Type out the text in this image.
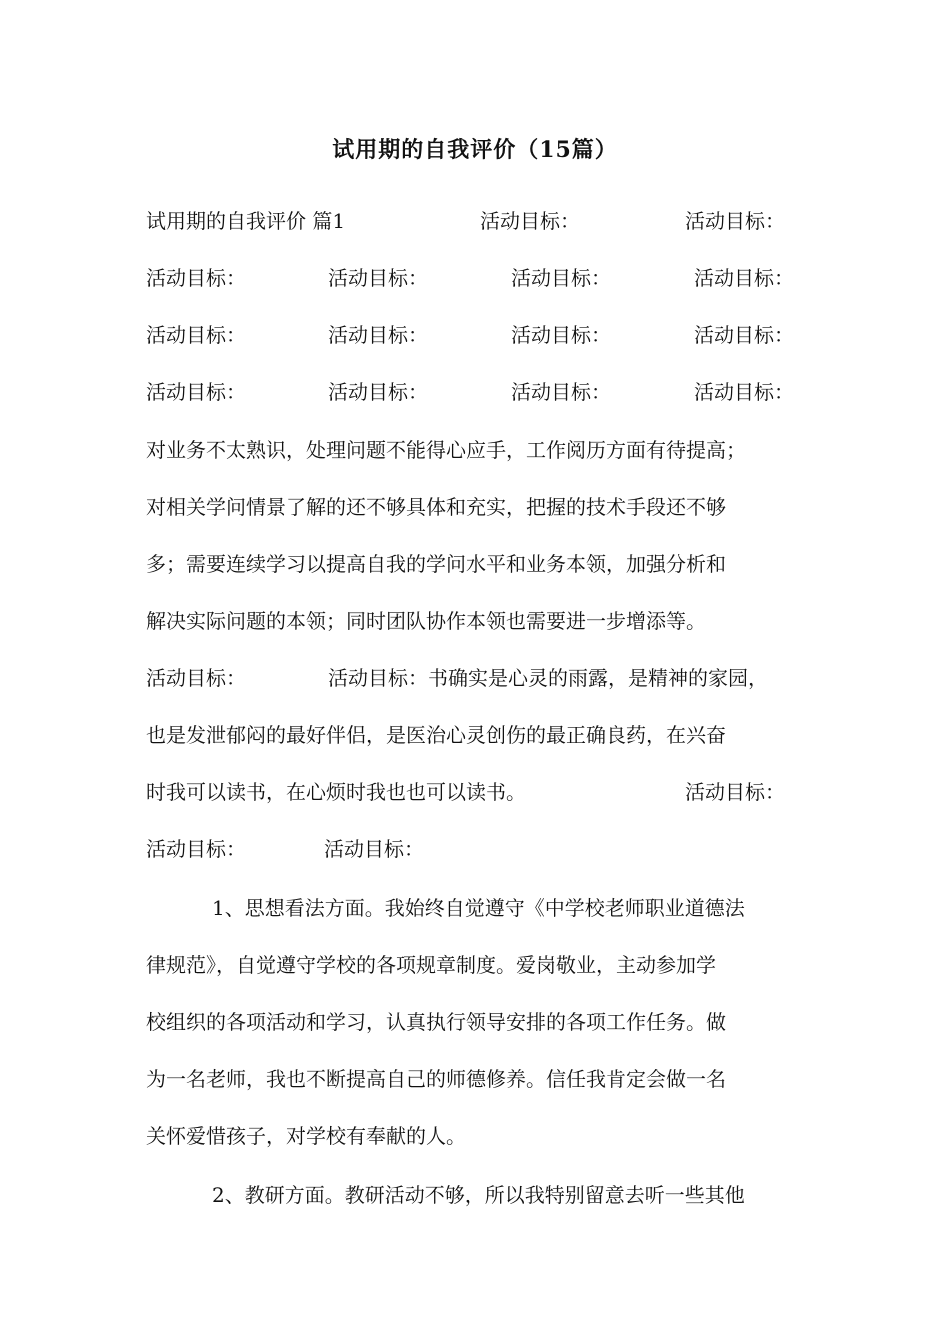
试用期的自我评价（15篇）
试用期的自我评价 篇1	活动目标：	活动目标：
活动目标：	活动目标：	活动目标：	活动目标：
活动目标：	活动目标：	活动目标：	活动目标：
活动目标：	活动目标：	活动目标：	活动目标：
对业务不太熟识，处理问题不能得心应手，工作阅历方面有待提高；
对相关学问情景了解的还不够具体和充实，把握的技术手段还不够
多；需要连续学习以提高自我的学问水平和业务本领，加强分析和
解决实际问题的本领；同时团队协作本领也需要进一步增添等。
活动目标：	活动目标：书确实是心灵的雨露，是精神的家园，
也是发泄郁闷的最好伴侣，是医治心灵创伤的最正确良药，在兴奋
时我可以读书，在心烦时我也也可以读书。	活动目标：
活动目标：	活动目标：
1、思想看法方面。我始终自觉遵守《中学校老师职业道德法
律规范》，自觉遵守学校的各项规章制度。爱岗敬业，主动参加学
校组织的各项活动和学习，认真执行领导安排的各项工作任务。做
为一名老师，我也不断提高自己的师德修养。信任我肯定会做一名
关怀爱惜孩子，对学校有奉献的人。
2、教研方面。教研活动不够，所以我特别留意去听一些其他
